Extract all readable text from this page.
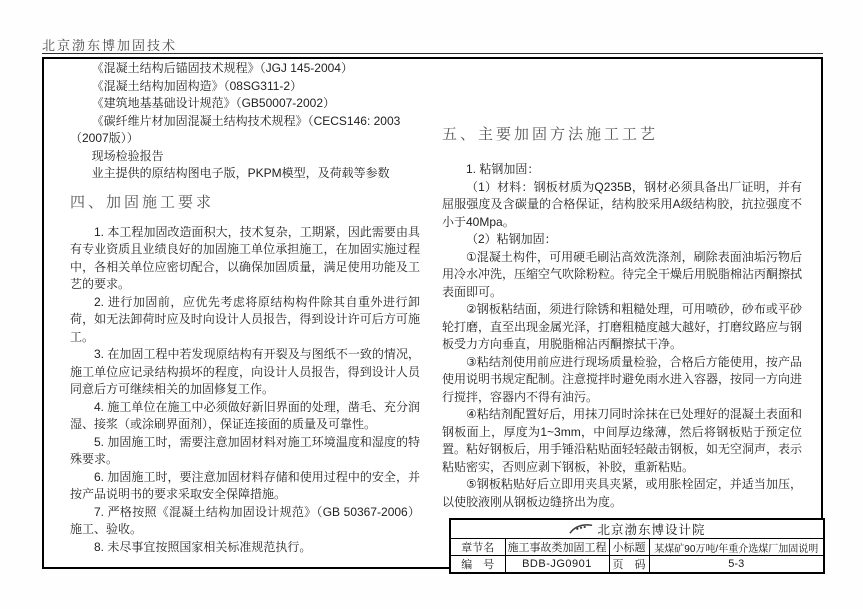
北京渤东博加固技术
《混凝土结构后锚固技术规程》（JGJ 145-2004）
《混凝土结构加固构造》（08SG311-2）
《建筑地基基础设计规范》（GB50007-2002）
《碳纤维片材加固混凝土结构技术规程》（CECS146: 2003（2007版））
现场检验报告
业主提供的原结构图电子版，PKPM模型，及荷载等参数
四、加固施工要求

1. 本工程加固改造面积大，技术复杂，工期紧，因此需要由具有专业资质且业绩良好的加固施工单位承担施工，在加固实施过程中，各相关单位应密切配合，以确保加固质量，满足使用功能及工艺的要求。

2. 进行加固前，应优先考虑将原结构构件除其自重外进行卸荷，如无法卸荷时应及时向设计人员报告，得到设计许可后方可施工。

3. 在加固工程中若发现原结构有开裂及与图纸不一致的情况，施工单位应记录结构损坏的程度，向设计人员报告，得到设计人员同意后方可继续相关的加固修复工作。

4. 施工单位在施工中必须做好新旧界面的处理，凿毛、充分润湿、接浆（或涂刷界面剂），保证连接面的质量及可靠性。

5. 加固施工时，需要注意加固材料对施工环境温度和湿度的特殊要求。

6. 加固施工时，要注意加固材料存储和使用过程中的安全，并按产品说明书的要求采取安全保障措施。

7. 严格按照《混凝土结构加固设计规范》（GB 50367-2006）施工、验收。

8. 未尽事宜按照国家相关标准规范执行。

五、主要加固方法施工工艺

1. 粘钢加固：

（1）材料：钢板材质为Q235B，钢材必须具备出厂证明，并有屈服强度及含碳量的合格保证，结构胶采用A级结构胶，抗拉强度不小于40Mpa。

（2）粘钢加固：

①混凝土构件，可用硬毛刷沾高效洗涤剂，刷除表面油垢污物后用冷水冲洗，压缩空气吹除粉粒。待完全干燥后用脱脂棉沾丙酮擦拭表面即可。

②钢板粘结面，须进行除锈和粗糙处理，可用喷砂，砂布或平砂轮打磨，直至出现金属光泽，打磨粗糙度越大越好，打磨纹路应与钢板受力方向垂直，用脱脂棉沾丙酮擦拭干净。

③粘结剂使用前应进行现场质量检验，合格后方能使用，按产品使用说明书规定配制。注意搅拌时避免雨水进入容器，按同一方向进行搅拌，容器内不得有油污。

④粘结剂配置好后，用抹刀同时涂抹在已处理好的混凝土表面和钢板面上，厚度为1~3mm，中间厚边缘薄，然后将钢板贴于预定位置。粘好钢板后，用手锤沿粘贴面轻轻敲击钢板，如无空洞声，表示粘贴密实，否则应剥下钢板，补胶，重新粘贴。

⑤钢板粘贴好后立即用夹具夹紧，或用胀栓固定，并适当加压，以使胶液刚从钢板边缝挤出为度。

北京渤东博设计院			

章节名	施工事故类加固工程	小标题	某煤矿90万吨/年重介选煤厂加固说明
编　号	BDB-JG0901	页　码	5-3
